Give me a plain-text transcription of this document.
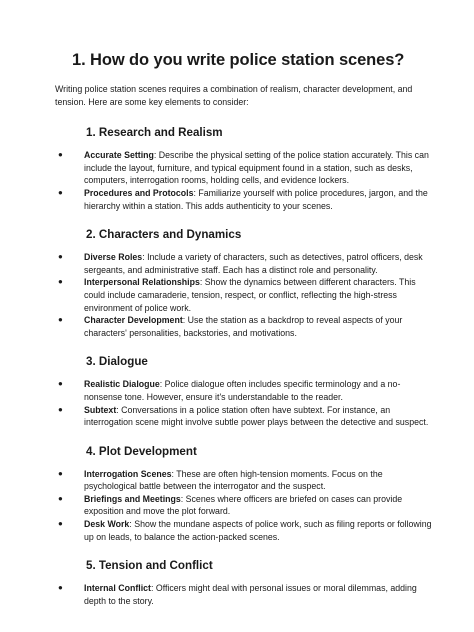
1. How do you write police station scenes?

Writing police station scenes requires a combination of realism, character development, and tension. Here are some key elements to consider:

1. Research and Realism
● Accurate Setting: Describe the physical setting of the police station accurately. This can include the layout, furniture, and typical equipment found in a station, such as desks, computers, interrogation rooms, holding cells, and evidence lockers.
● Procedures and Protocols: Familiarize yourself with police procedures, jargon, and the hierarchy within a station. This adds authenticity to your scenes.
2. Characters and Dynamics
● Diverse Roles: Include a variety of characters, such as detectives, patrol officers, desk sergeants, and administrative staff. Each has a distinct role and personality.
● Interpersonal Relationships: Show the dynamics between different characters. This could include camaraderie, tension, respect, or conflict, reflecting the high-stress environment of police work.
● Character Development: Use the station as a backdrop to reveal aspects of your characters' personalities, backstories, and motivations.
3. Dialogue
● Realistic Dialogue: Police dialogue often includes specific terminology and a no-nonsense tone. However, ensure it's understandable to the reader.
● Subtext: Conversations in a police station often have subtext. For instance, an interrogation scene might involve subtle power plays between the detective and suspect.
4. Plot Development
● Interrogation Scenes: These are often high-tension moments. Focus on the psychological battle between the interrogator and the suspect.
● Briefings and Meetings: Scenes where officers are briefed on cases can provide exposition and move the plot forward.
● Desk Work: Show the mundane aspects of police work, such as filing reports or following up on leads, to balance the action-packed scenes.
5. Tension and Conflict
● Internal Conflict: Officers might deal with personal issues or moral dilemmas, adding depth to the story.
